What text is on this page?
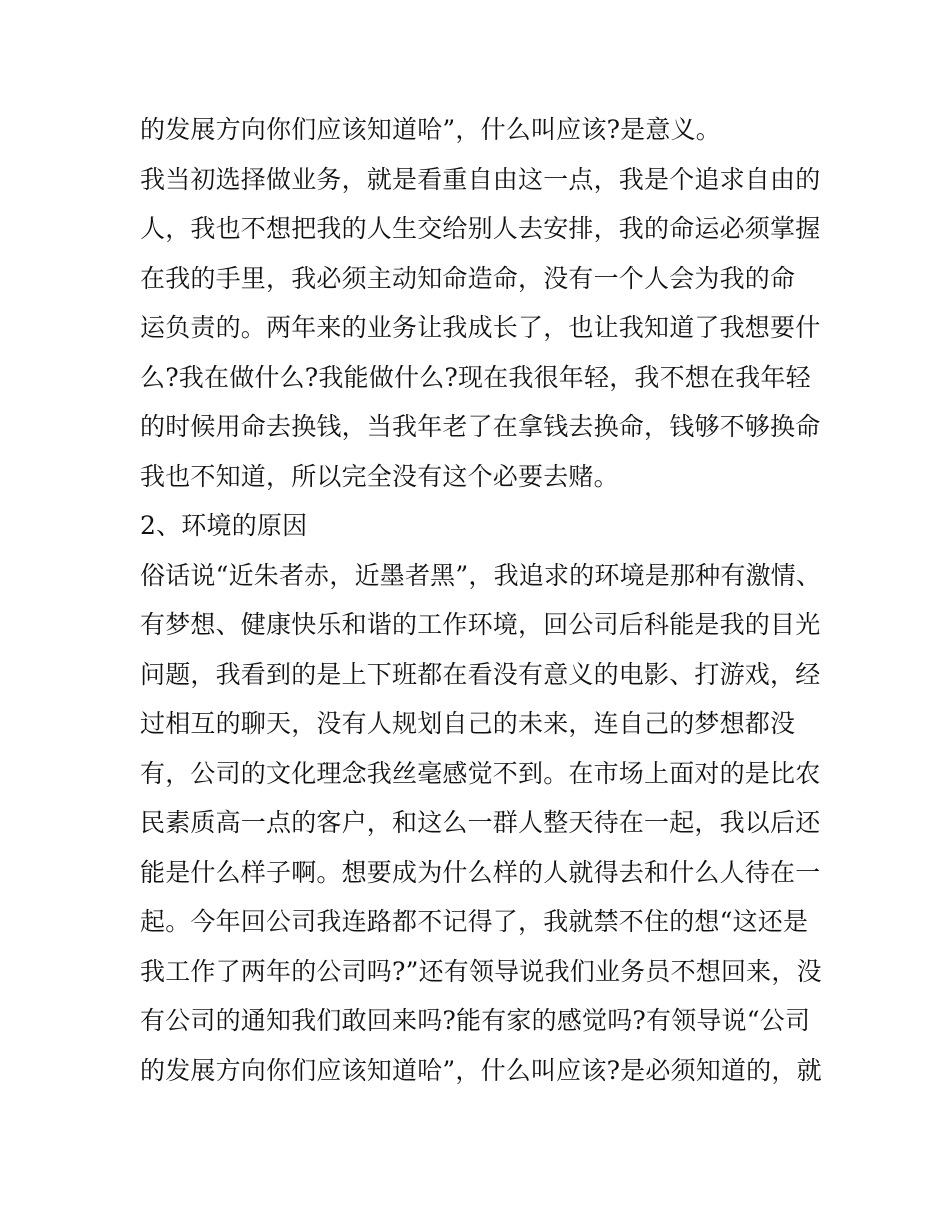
的发展方向你们应该知道哈”，什么叫应该?是意义。
我当初选择做业务，就是看重自由这一点，我是个追求自由的
人，我也不想把我的人生交给别人去安排，我的命运必须掌握
在我的手里，我必须主动知命造命，没有一个人会为我的命
运负责的。两年来的业务让我成长了，也让我知道了我想要什
么?我在做什么?我能做什么?现在我很年轻，我不想在我年轻
的时候用命去换钱，当我年老了在拿钱去换命，钱够不够换命
我也不知道，所以完全没有这个必要去赌。
2、环境的原因
俗话说“近朱者赤，近墨者黑”，我追求的环境是那种有激情、
有梦想、健康快乐和谐的工作环境，回公司后科能是我的目光
问题，我看到的是上下班都在看没有意义的电影、打游戏，经
过相互的聊天，没有人规划自己的未来，连自己的梦想都没
有，公司的文化理念我丝毫感觉不到。在市场上面对的是比农
民素质高一点的客户，和这么一群人整天待在一起，我以后还
能是什么样子啊。想要成为什么样的人就得去和什么人待在一
起。今年回公司我连路都不记得了，我就禁不住的想“这还是
我工作了两年的公司吗?”还有领导说我们业务员不想回来，没
有公司的通知我们敢回来吗?能有家的感觉吗?有领导说“公司
的发展方向你们应该知道哈”，什么叫应该?是必须知道的，就
